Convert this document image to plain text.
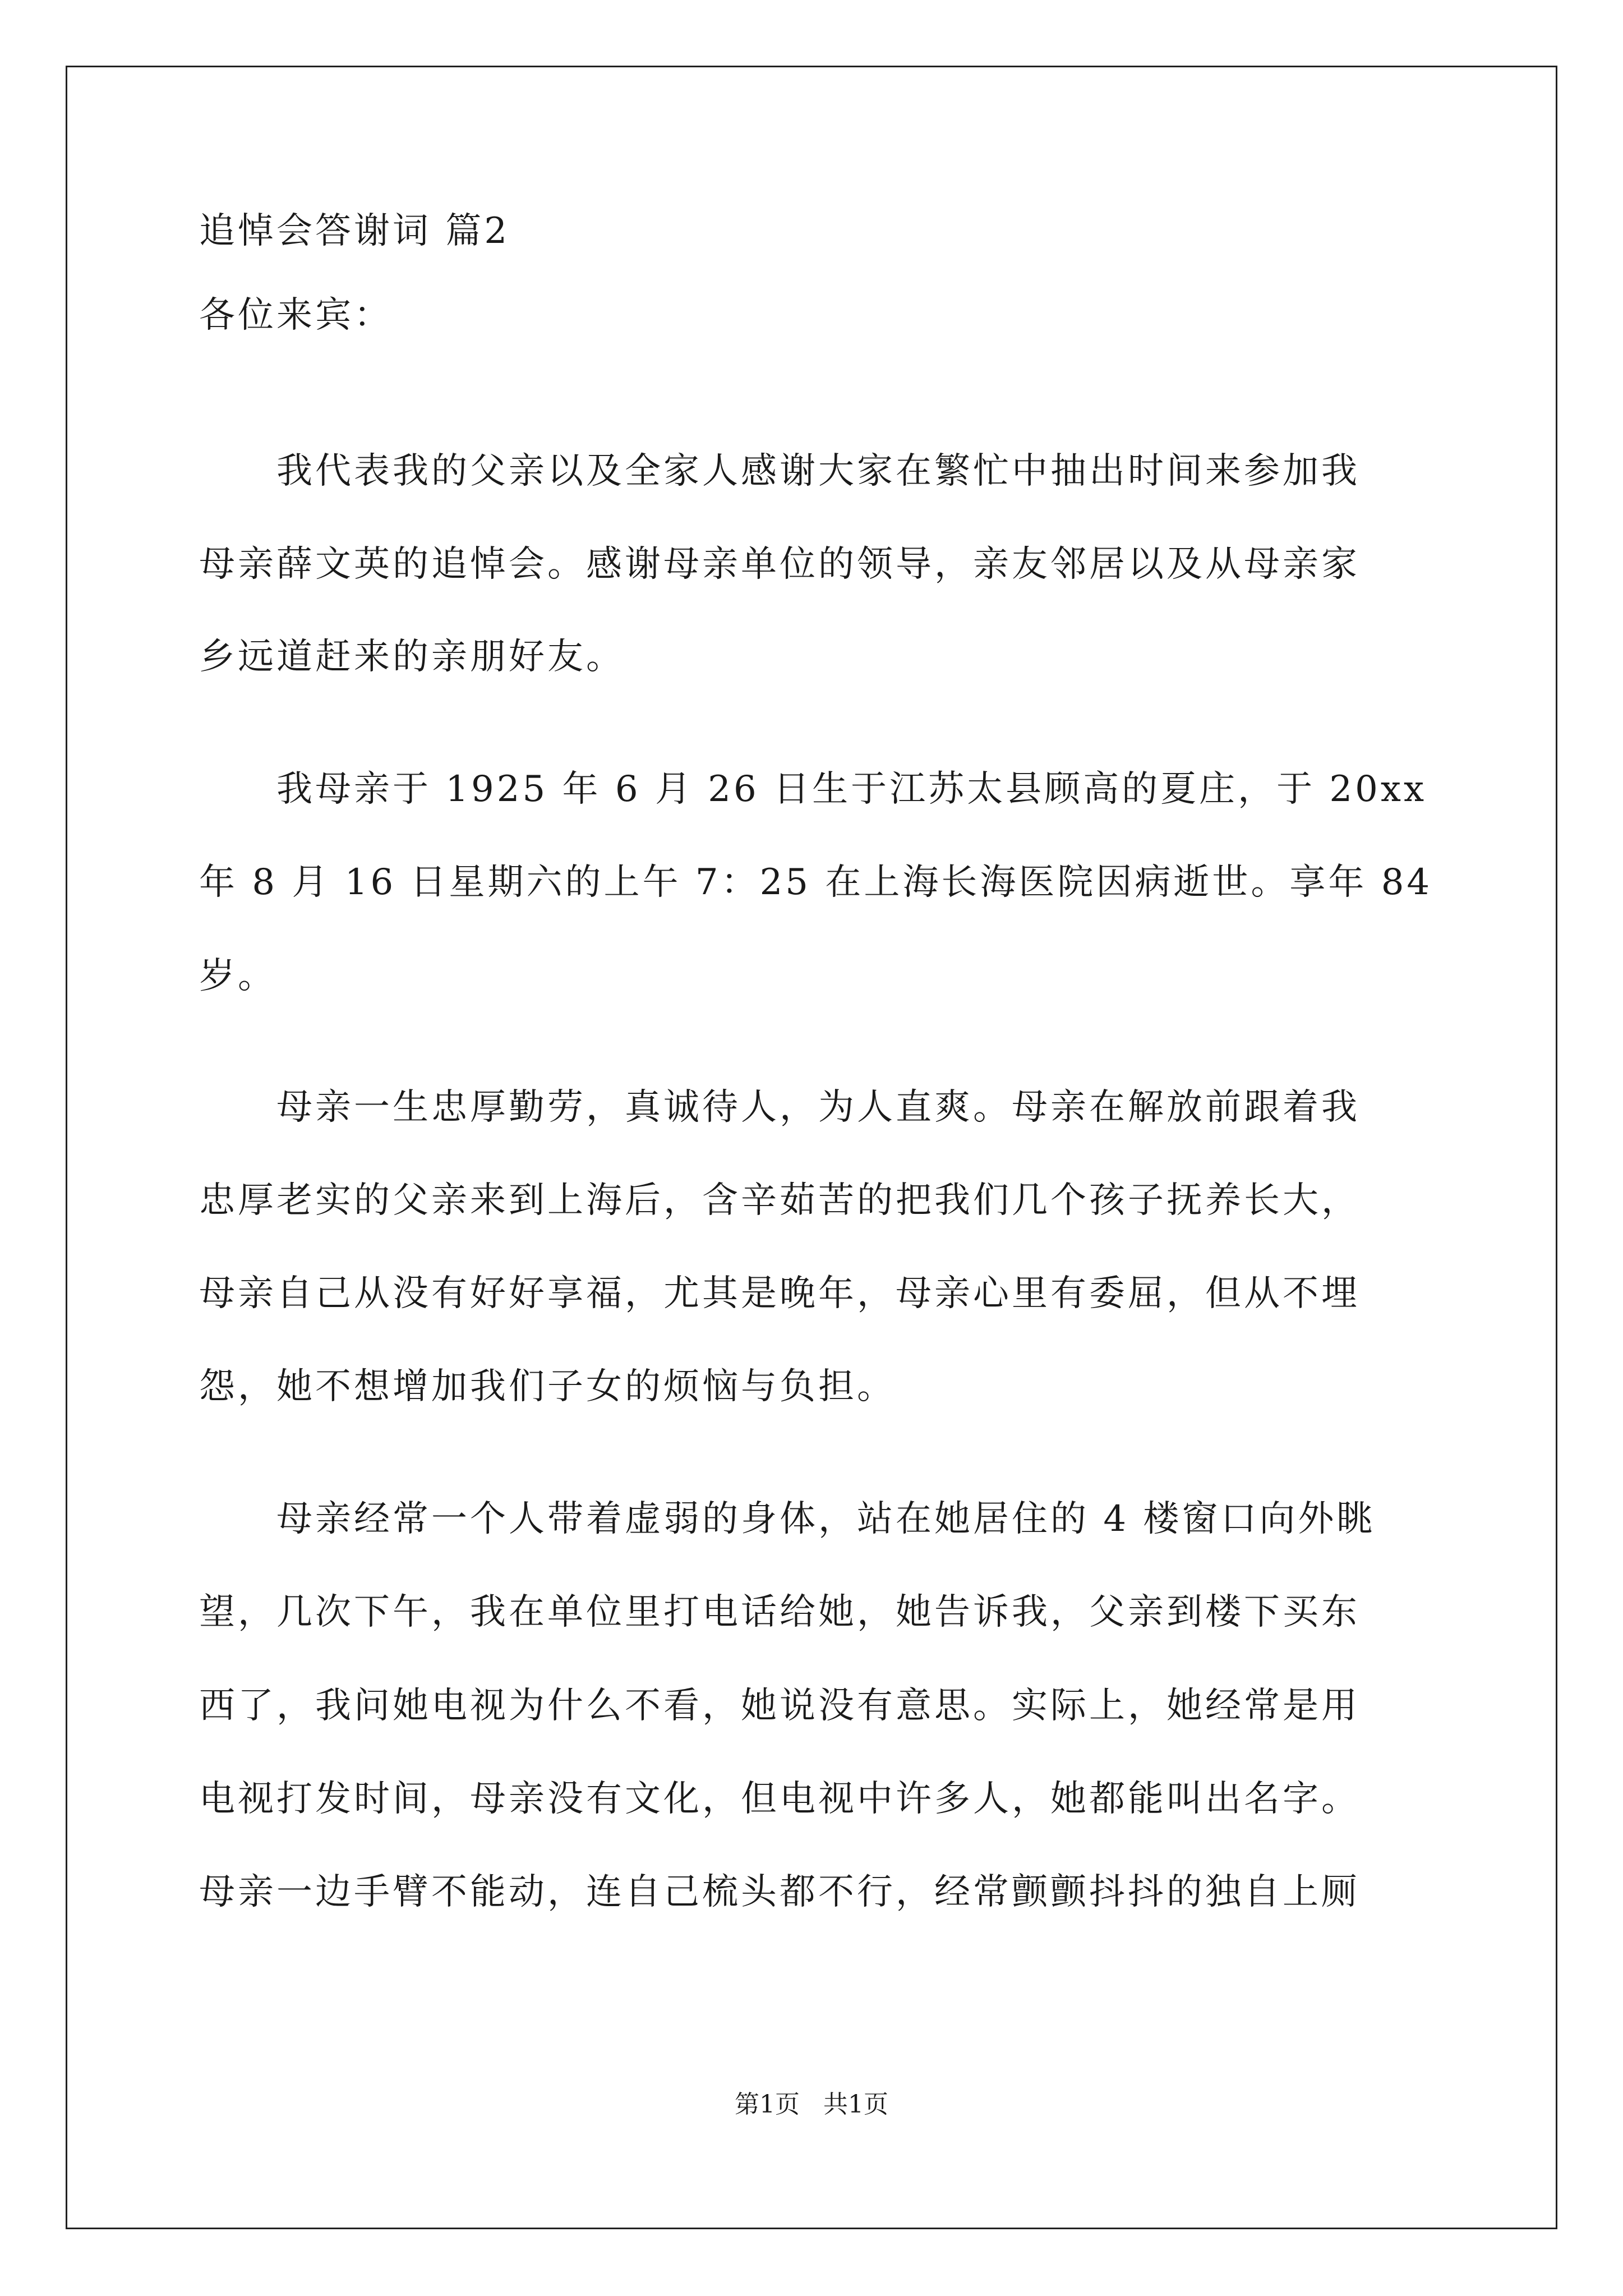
追悼会答谢词 篇2
各位来宾：
　　我代表我的父亲以及全家人感谢大家在繁忙中抽出时间来参加我
母亲薛文英的追悼会。感谢母亲单位的领导，亲友邻居以及从母亲家
乡远道赶来的亲朋好友。
　　我母亲于 1925 年 6 月 26 日生于江苏太县顾高的夏庄，于 20xx
年 8 月 16 日星期六的上午 7：25 在上海长海医院因病逝世。享年 84
岁。
　　母亲一生忠厚勤劳，真诚待人，为人直爽。母亲在解放前跟着我
忠厚老实的父亲来到上海后，含辛茹苦的把我们几个孩子抚养长大，
母亲自己从没有好好享福，尤其是晚年，母亲心里有委屈，但从不埋
怨，她不想增加我们子女的烦恼与负担。
　　母亲经常一个人带着虚弱的身体，站在她居住的 4 楼窗口向外眺
望，几次下午，我在单位里打电话给她，她告诉我，父亲到楼下买东
西了，我问她电视为什么不看，她说没有意思。实际上，她经常是用
电视打发时间，母亲没有文化，但电视中许多人，她都能叫出名字。
母亲一边手臂不能动，连自己梳头都不行，经常颤颤抖抖的独自上厕
第1页   共1页
